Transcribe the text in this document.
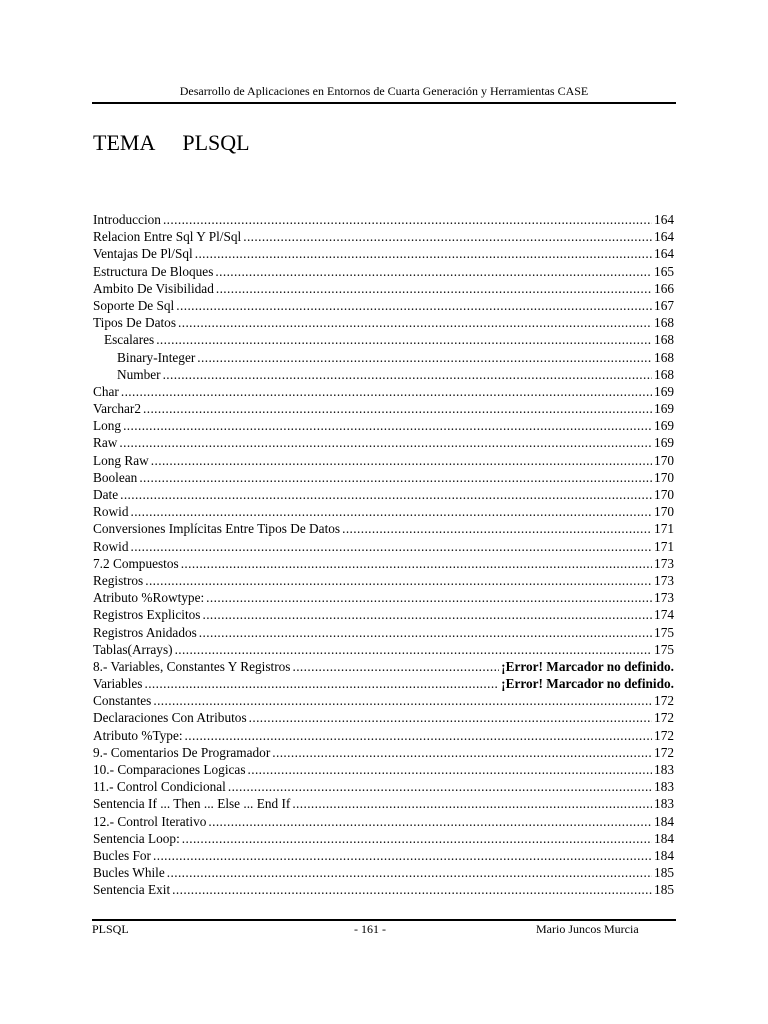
Desarrollo de Aplicaciones en Entornos de Cuarta Generación y Herramientas CASE
TEMA PLSQL
Introduccion .....	164
Relacion Entre Sql Y Pl/Sql .....	164
Ventajas De Pl/Sql .....	164
Estructura De Bloques .....	165
Ambito De Visibilidad .....	166
Soporte De Sql .....	167
Tipos De Datos .....	168
Escalares .....	168
Binary-Integer .....	168
Number .....	168
Char .....	169
Varchar2 .....	169
Long .....	169
Raw .....	169
Long Raw .....	170
Boolean .....	170
Date .....	170
Rowid .....	170
Conversiones Implícitas Entre Tipos De Datos .....	171
Rowid .....	171
7.2 Compuestos .....	173
Registros .....	173
Atributo %Rowtype: .....	173
Registros Explicitos .....	174
Registros Anidados .....	175
Tablas(Arrays) .....	175
8.- Variables, Constantes Y Registros .....	¡Error! Marcador no definido.
Variables .....	¡Error! Marcador no definido.
Constantes .....	172
Declaraciones Con Atributos .....	172
Atributo %Type: .....	172
9.- Comentarios De Programador .....	172
10.- Comparaciones Logicas .....	183
11.- Control Condicional .....	183
Sentencia If ... Then ... Else ... End If .....	183
12.- Control Iterativo .....	184
Sentencia Loop: .....	184
Bucles For .....	184
Bucles While .....	185
Sentencia Exit .....	185
PLSQL	- 161 -	Mario Juncos Murcia
